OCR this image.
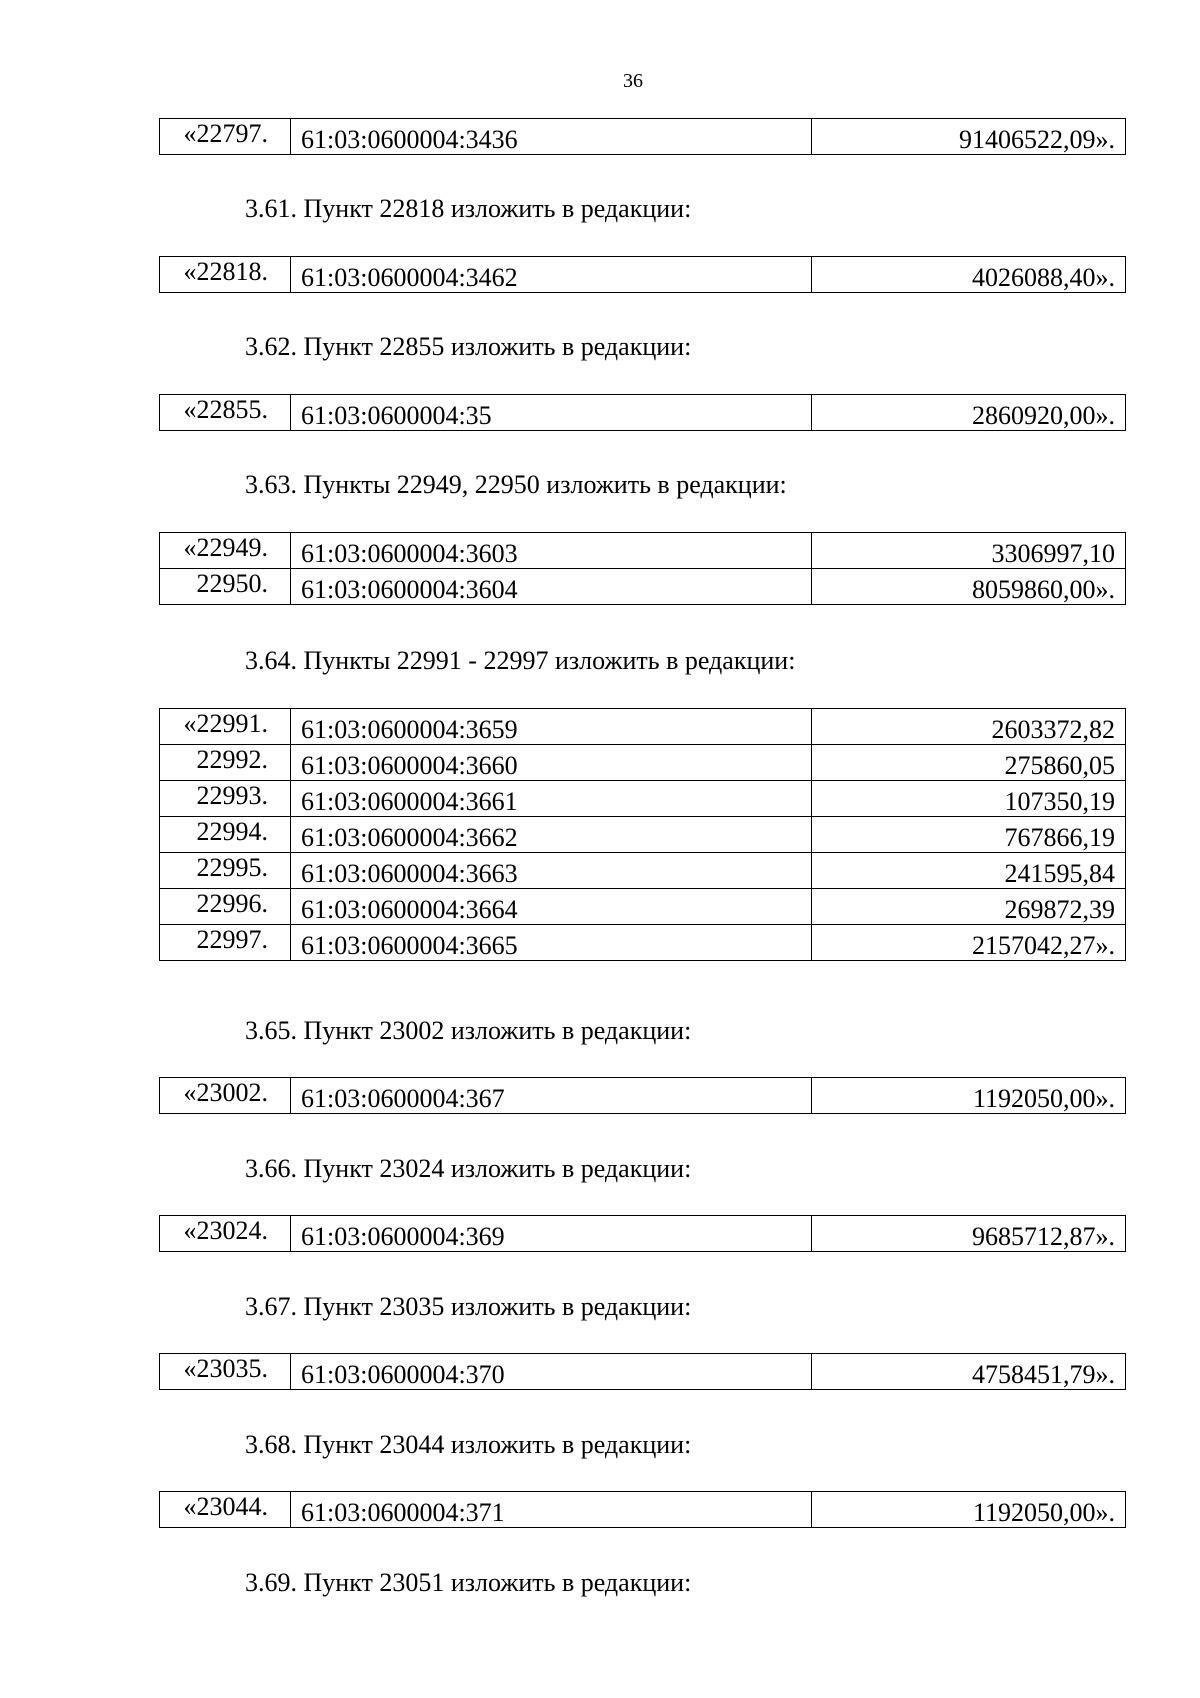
36
«22797.	61:03:0600004:3436	91406522,09».
3.61. Пункт 22818 изложить в редакции:
«22818.	61:03:0600004:3462	4026088,40».
3.62. Пункт 22855 изложить в редакции:
«22855.	61:03:0600004:35	2860920,00».
3.63. Пункты 22949, 22950 изложить в редакции:
«22949.	61:03:0600004:3603	3306997,10
22950.	61:03:0600004:3604	8059860,00».
3.64. Пункты 22991 - 22997 изложить в редакции:
«22991.	61:03:0600004:3659	2603372,82
22992.	61:03:0600004:3660	275860,05
22993.	61:03:0600004:3661	107350,19
22994.	61:03:0600004:3662	767866,19
22995.	61:03:0600004:3663	241595,84
22996.	61:03:0600004:3664	269872,39
22997.	61:03:0600004:3665	2157042,27».
3.65. Пункт 23002 изложить в редакции:
«23002.	61:03:0600004:367	1192050,00».
3.66. Пункт 23024 изложить в редакции:
«23024.	61:03:0600004:369	9685712,87».
3.67. Пункт 23035 изложить в редакции:
«23035.	61:03:0600004:370	4758451,79».
3.68. Пункт 23044 изложить в редакции:
«23044.	61:03:0600004:371	1192050,00».
3.69. Пункт 23051 изложить в редакции:
